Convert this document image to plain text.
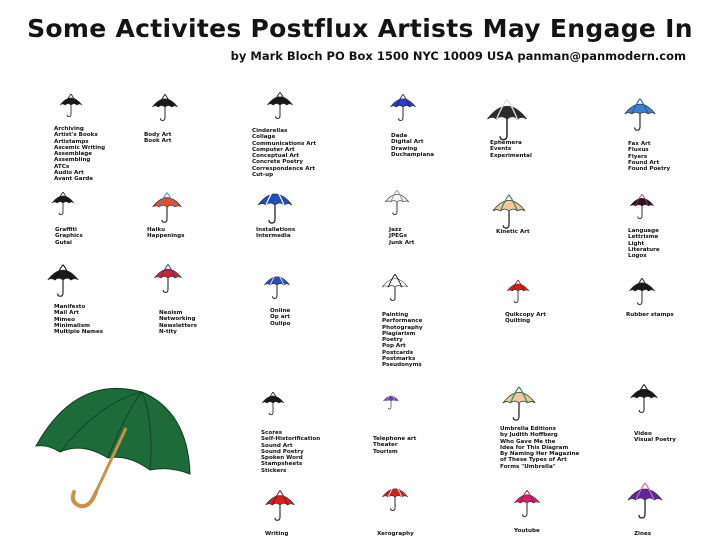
Some Activites Postflux Artists May Engage In
by Mark Bloch PO Box 1500 NYC 10009 USA panman@panmodern.com
Archiving
Artist's Books
Artistamps
Ascemic Writing
Assemblage
Assembling
ATCs
Audio Art
Avant Garde
Body Art
Book Art
Cinderellas
Collage
Communications Art
Computer Art
Conceptual Art
Concrete Poetry
Correspondence Art
Cut-up
Dada
Digital Art
Drawing
Duchampiana
Ephemera
Events
Experimental
Fax Art
Fluxus
Flyers
Found Art
Found Poetry
Graffiti
Graphics
Gutai
Haiku
Happenings
Installations
Intermedia
Jazz
JPEGs
Junk Art
Kinetic Art	Language
Lettrisme
Light
Literature
Logos
Manifesto
Mail Art
Mimeo
Minimalism
Multiple Names
Neoism
Networking
Newsletters
N-tity
Online
Op art
Oulipo
Painting
Performance
Photography
Plagiarism
Poetry
Pop Art
Postcards
Postmarks
Pseudonyms
Quikcopy Art
Quilting
Rubber stamps
Scores
Self-Historification
Sound Art
Sound Poetry
Spoken Word
Stampsheets
Stickers
Telephone art
Theater
Tourism
Umbrella Editions
by Judith Hoffberg
Who Gave Me the
Idea for This Diagram
By Naming Her Magazine
of These Types of Art
Forms "Umbrella"
Video
Visual Poetry
Writing	Xerography	Youtube	Zines
